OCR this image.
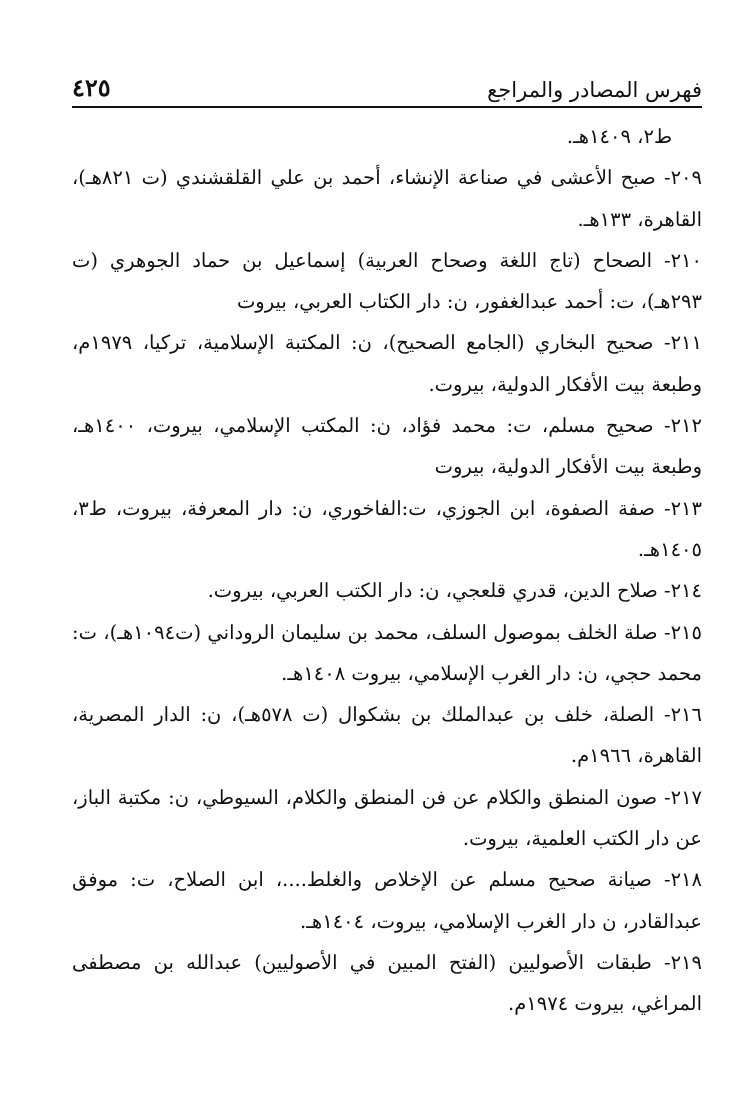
٤٢٥	فهرس المصادر والمراجع

ط٢، ١٤٠٩هـ.

٢٠٩- صبح الأعشى في صناعة الإنشاء، أحمد بن علي القلقشندي (ت ٨٢١هـ)، القاهرة، ١٣٣هـ.

٢١٠- الصحاح (تاج اللغة وصحاح العربية) إسماعيل بن حماد الجوهري (ت ٢٩٣هـ)، ت: أحمد عبدالغفور، ن: دار الكتاب العربي، بيروت

٢١١- صحيح البخاري (الجامع الصحيح)، ن: المكتبة الإسلامية، تركيا، ١٩٧٩م، وطبعة بيت الأفكار الدولية، بيروت.

٢١٢- صحيح مسلم، ت: محمد فؤاد، ن: المكتب الإسلامي، بيروت، ١٤٠٠هـ، وطبعة بيت الأفكار الدولية، بيروت

٢١٣- صفة الصفوة، ابن الجوزي، ت:الفاخوري، ن: دار المعرفة، بيروت، ط٣، ١٤٠٥هـ.

٢١٤- صلاح الدين، قدري قلعجي، ن: دار الكتب العربي، بيروت.

٢١٥- صلة الخلف بموصول السلف، محمد بن سليمان الروداني (ت١٠٩٤هـ)، ت: محمد حجي، ن: دار الغرب الإسلامي، بيروت ١٤٠٨هـ.

٢١٦- الصلة، خلف بن عبدالملك بن بشكوال (ت ٥٧٨هـ)، ن: الدار المصرية، القاهرة، ١٩٦٦م.

٢١٧- صون المنطق والكلام عن فن المنطق والكلام، السيوطي، ن: مكتبة الباز، عن دار الكتب العلمية، بيروت.

٢١٨- صيانة صحيح مسلم عن الإخلاص والغلط....، ابن الصلاح، ت: موفق عبدالقادر، ن دار الغرب الإسلامي، بيروت، ١٤٠٤هـ.

٢١٩- طبقات الأصوليين (الفتح المبين في الأصوليين) عبدالله بن مصطفى المراغي، بيروت ١٩٧٤م.
